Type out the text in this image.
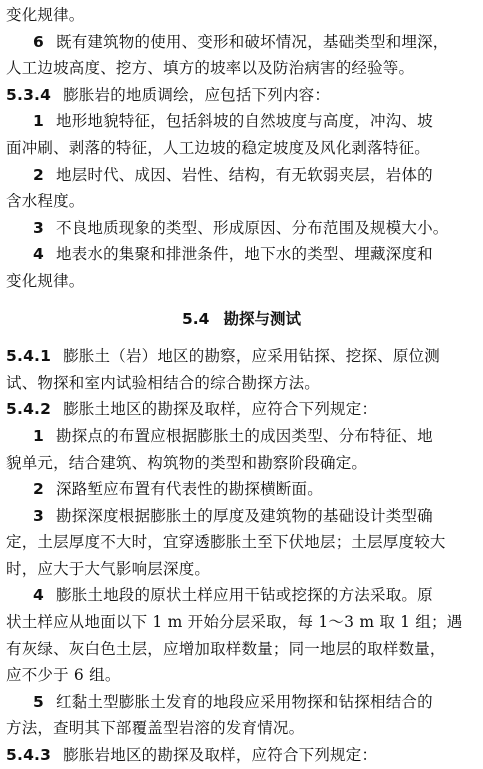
变化规律。
6 既有建筑物的使用、变形和破坏情况，基础类型和埋深，
人工边坡高度、挖方、填方的坡率以及防治病害的经验等。
5.3.4 膨胀岩的地质调绘，应包括下列内容：
1 地形地貌特征，包括斜坡的自然坡度与高度，冲沟、坡
面冲刷、剥落的特征，人工边坡的稳定坡度及风化剥落特征。
2 地层时代、成因、岩性、结构，有无软弱夹层，岩体的
含水程度。
3 不良地质现象的类型、形成原因、分布范围及规模大小。
4 地表水的集聚和排泄条件，地下水的类型、埋藏深度和
变化规律。
5.4 勘探与测试
5.4.1 膨胀土（岩）地区的勘察，应采用钻探、挖探、原位测
试、物探和室内试验相结合的综合勘探方法。
5.4.2 膨胀土地区的勘探及取样，应符合下列规定：
1 勘探点的布置应根据膨胀土的成因类型、分布特征、地
貌单元，结合建筑、构筑物的类型和勘察阶段确定。
2 深路堑应布置有代表性的勘探横断面。
3 勘探深度根据膨胀土的厚度及建筑物的基础设计类型确
定，土层厚度不大时，宜穿透膨胀土至下伏地层；土层厚度较大
时，应大于大气影响层深度。
4 膨胀土地段的原状土样应用干钻或挖探的方法采取。原
状土样应从地面以下 1 m 开始分层采取，每 1～3 m 取 1 组；遇
有灰绿、灰白色土层，应增加取样数量；同一地层的取样数量，
应不少于 6 组。
5 红黏土型膨胀土发育的地段应采用物探和钻探相结合的
方法，查明其下部覆盖型岩溶的发育情况。
5.4.3 膨胀岩地区的勘探及取样，应符合下列规定：
